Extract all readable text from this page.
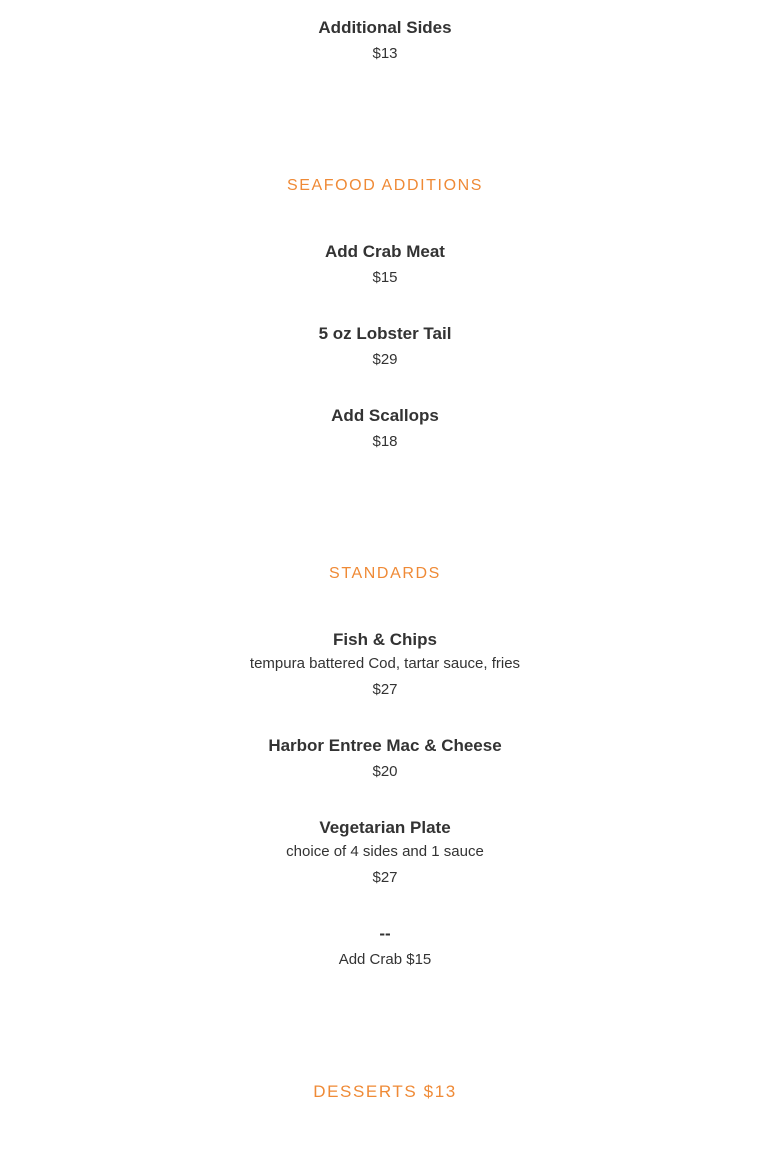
Additional Sides
$13
SEAFOOD ADDITIONS
Add Crab Meat
$15
5 oz Lobster Tail
$29
Add Scallops
$18
STANDARDS
Fish & Chips
tempura battered Cod, tartar sauce, fries
$27
Harbor Entree Mac & Cheese
$20
Vegetarian Plate
choice of 4 sides and 1 sauce
$27
--
Add Crab $15
DESSERTS $13
